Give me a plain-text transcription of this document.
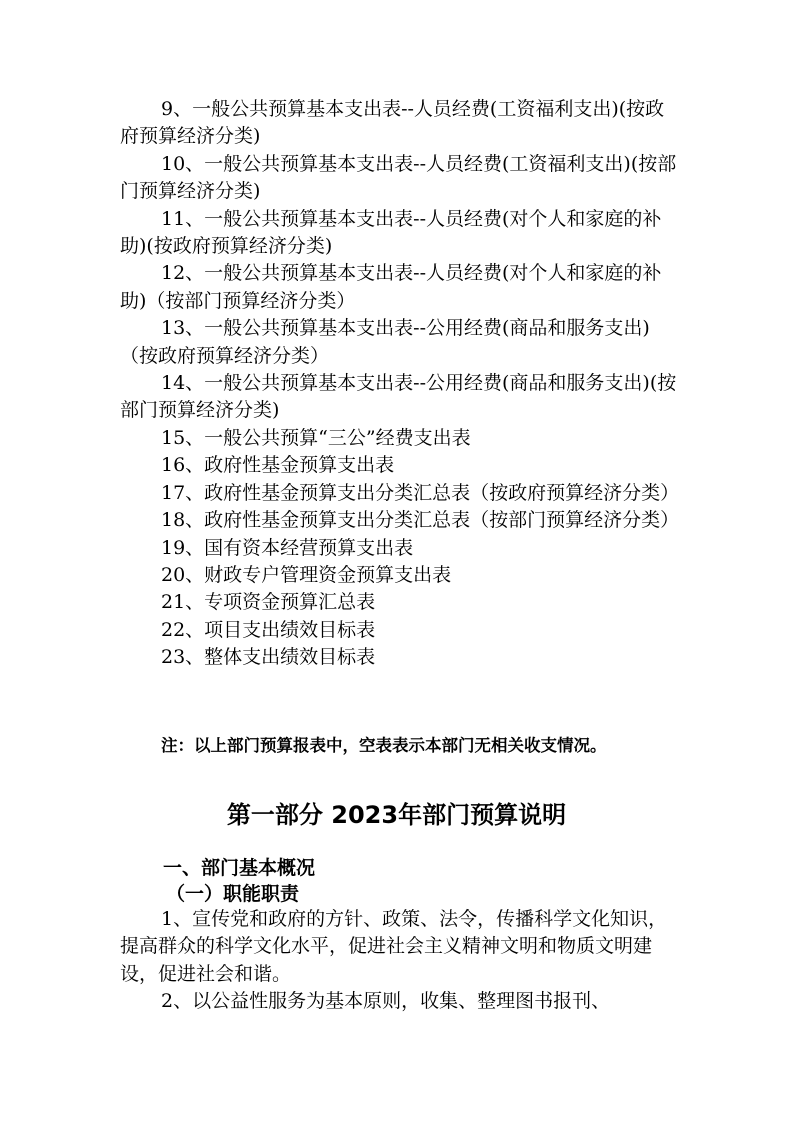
9、一般公共预算基本支出表--人员经费(工资福利支出)(按政府预算经济分类)

10、一般公共预算基本支出表--人员经费(工资福利支出)(按部门预算经济分类)

11、一般公共预算基本支出表--人员经费(对个人和家庭的补助)(按政府预算经济分类)

12、一般公共预算基本支出表--人员经费(对个人和家庭的补助)（按部门预算经济分类）

13、一般公共预算基本支出表--公用经费(商品和服务支出)（按政府预算经济分类）

14、一般公共预算基本支出表--公用经费(商品和服务支出)(按部门预算经济分类)

15、一般公共预算“三公”经费支出表

16、政府性基金预算支出表

17、政府性基金预算支出分类汇总表（按政府预算经济分类）

18、政府性基金预算支出分类汇总表（按部门预算经济分类）

19、国有资本经营预算支出表

20、财政专户管理资金预算支出表

21、专项资金预算汇总表

22、项目支出绩效目标表

23、整体支出绩效目标表

注：以上部门预算报表中，空表表示本部门无相关收支情况。

第一部分 2023年部门预算说明
一、部门基本概况
（一）职能职责

1、宣传党和政府的方针、政策、法令，传播科学文化知识，提高群众的科学文化水平，促进社会主义精神文明和物质文明建设，促进社会和谐。

2、以公益性服务为基本原则，收集、整理图书报刊、
